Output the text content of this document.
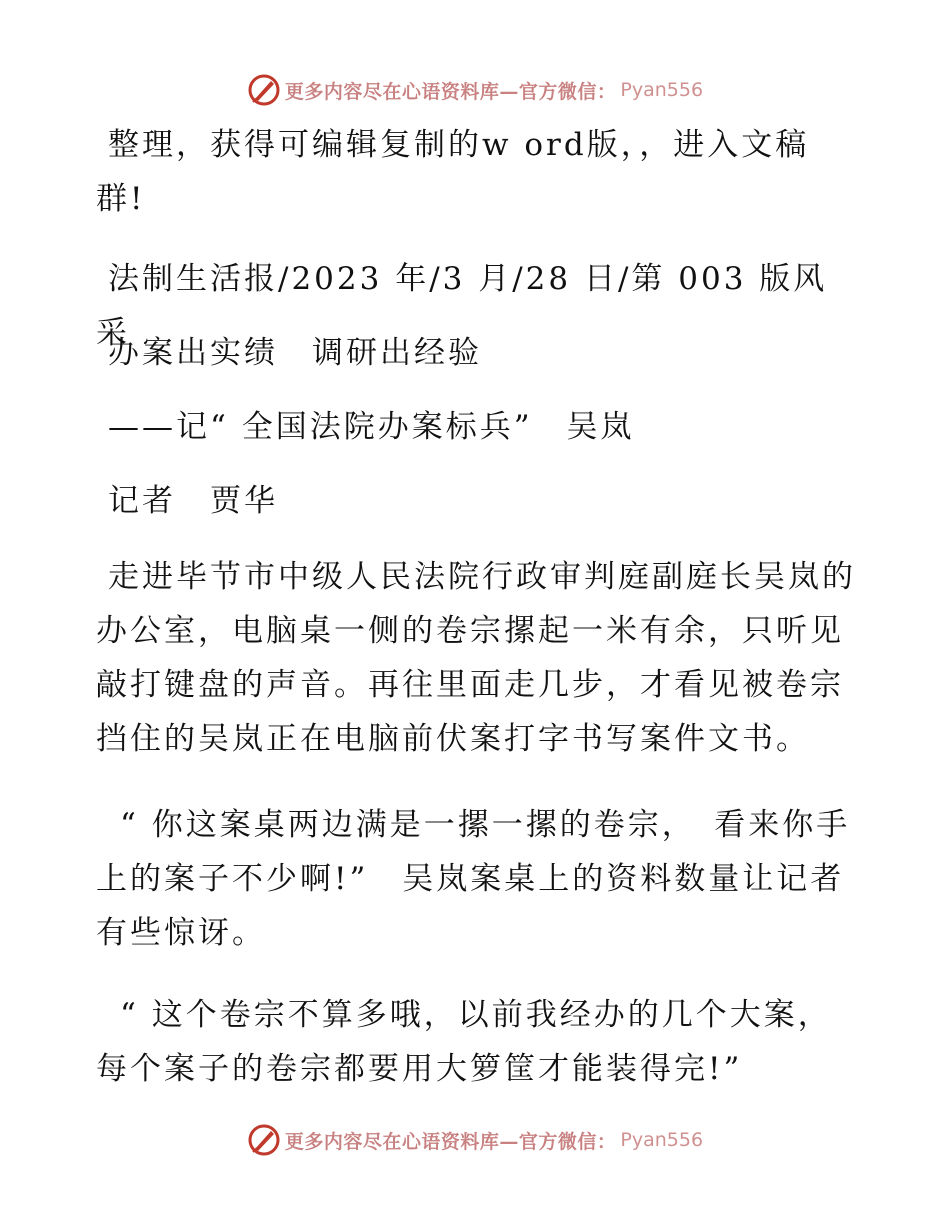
更多内容尽在心语资料库—官方微信： Pyan556

整理，获得可编辑复制的w ord版，，进入文稿群!

法制生活报/2023 年/3 月/28 日/第 003 版风采

办案出实绩　调研出经验

——记“ 全国法院办案标兵”　吴岚

记者　贾华

走进毕节市中级人民法院行政审判庭副庭长吴岚的办公室，电脑桌一侧的卷宗摞起一米有余，只听见敲打键盘的声音。再往里面走几步，才看见被卷宗挡住的吴岚正在电脑前伏案打字书写案件文书。

“ 你这案桌两边满是一摞一摞的卷宗，　看来你手上的案子不少啊!”　吴岚案桌上的资料数量让记者有些惊讶。

“ 这个卷宗不算多哦，以前我经办的几个大案，每个案子的卷宗都要用大箩筐才能装得完!”

更多内容尽在心语资料库—官方微信： Pyan556
